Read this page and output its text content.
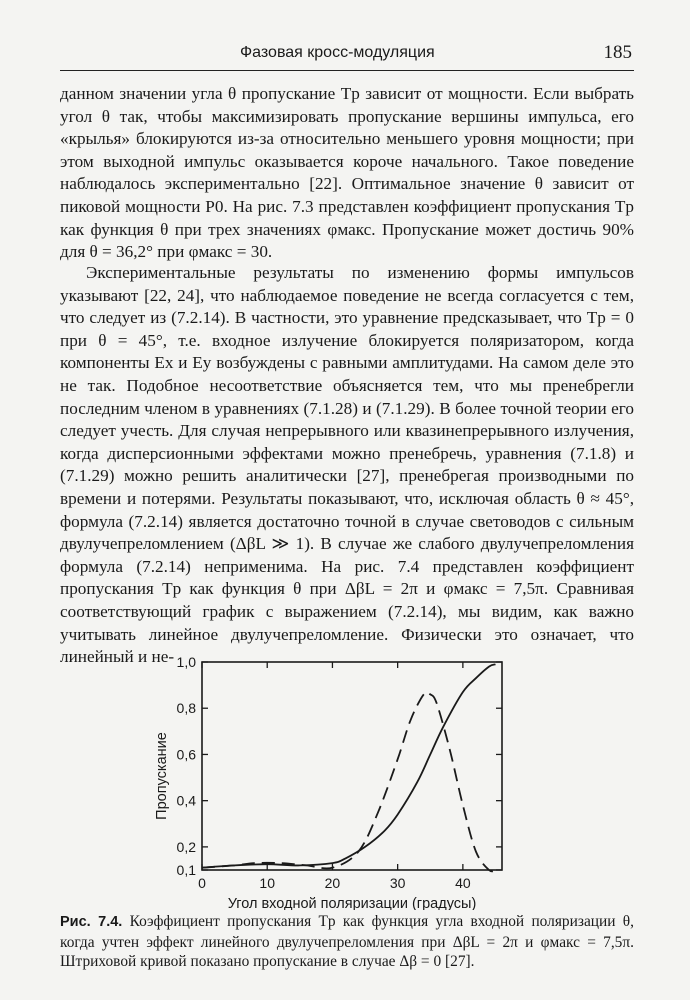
Фазовая кросс-модуляция	185

данном значении угла θ пропускание Tp зависит от мощности. Если выбрать угол θ так, чтобы максимизировать пропускание вершины импульса, его «крылья» блокируются из-за относительно меньшего уровня мощности; при этом выходной импульс оказывается короче начального. Такое поведение наблюдалось экспериментально [22]. Оптимальное значение θ зависит от пиковой мощности P0. На рис. 7.3 представлен коэффициент пропускания Tp как функция θ при трех значениях φмакс. Пропускание может достичь 90% для θ = 36,2° при φмакс = 30.

Экспериментальные результаты по изменению формы импульсов указывают [22, 24], что наблюдаемое поведение не всегда согласуется с тем, что следует из (7.2.14). В частности, это уравнение предсказывает, что Tp = 0 при θ = 45°, т.е. входное излучение блокируется поляризатором, когда компоненты Ex и Ey возбуждены с равными амплитудами. На самом деле это не так. Подобное несоответствие объясняется тем, что мы пренебрегли последним членом в уравнениях (7.1.28) и (7.1.29). В более точной теории его следует учесть. Для случая непрерывного или квазинепрерывного излучения, когда дисперсионными эффектами можно пренебречь, уравнения (7.1.8) и (7.1.29) можно решить аналитически [27], пренебрегая производными по времени и потерями. Результаты показывают, что, исключая область θ ≈ 45°, формула (7.2.14) является достаточно точной в случае световодов с сильным двулучепреломлением (ΔβL ≫ 1). В случае же слабого двулучепреломления формула (7.2.14) неприменима. На рис. 7.4 представлен коэффициент пропускания Tp как функция θ при ΔβL = 2π и φмакс = 7,5π. Сравнивая соответствующий график с выражением (7.2.14), мы видим, как важно учитывать линейное двулучепреломление. Физически это означает, что линейный и не-

0	10	20	30	40
0,1
0,2
0,4
0,6
0,8
1,0
Угол входной поляризации (градусы)
Пропускание
Рис. 7.4. Коэффициент пропускания Tp как функция угла входной поляризации θ, когда учтен эффект линейного двулучепреломления при ΔβL = 2π и φмакс = 7,5π. Штриховой кривой показано пропускание в случае Δβ = 0 [27].
